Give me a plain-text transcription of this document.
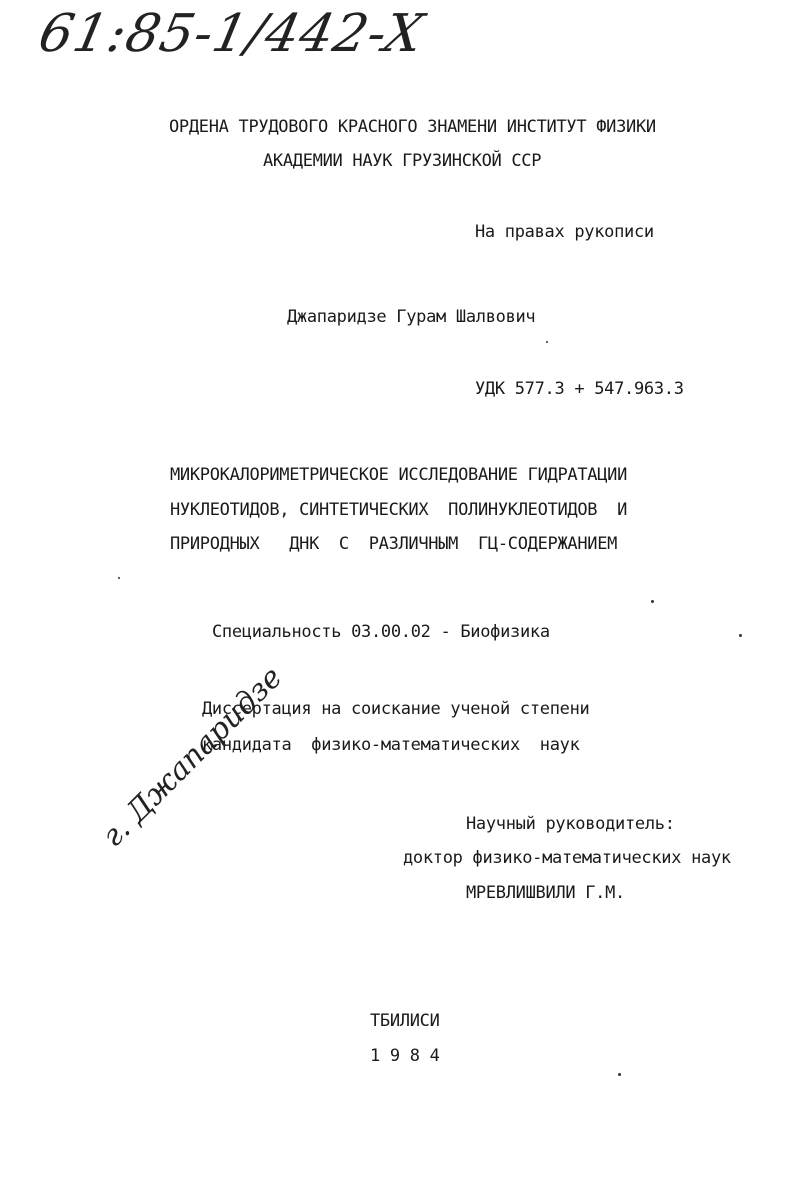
61:85-1/442-X
ОРДЕНА ТРУДОВОГО КРАСНОГО ЗНАМЕНИ ИНСТИТУТ ФИЗИКИ
АКАДЕМИИ НАУК ГРУЗИНСКОЙ ССР
На правах рукописи
Джапаридзе Гурам Шалвович
УДК 577.3 + 547.963.3
МИКРОКАЛОРИМЕТРИЧЕСКОЕ ИССЛЕДОВАНИЕ ГИДРАТАЦИИ
НУКЛЕОТИДОВ, СИНТЕТИЧЕСКИХ  ПОЛИНУКЛЕОТИДОВ  И
ПРИРОДНЫХ   ДНК  С  РАЗЛИЧНЫМ  ГЦ-СОДЕРЖАНИЕМ
Специальность 03.00.02 - Биофизика
Диссертация на соискание ученой степени
кандидата  физико-математических  наук
г. Джапаридзе	Научный руководитель:
доктор физико-математических наук
МРЕВЛИШВИЛИ Г.М.
ТБИЛИСИ
1 9 8 4
